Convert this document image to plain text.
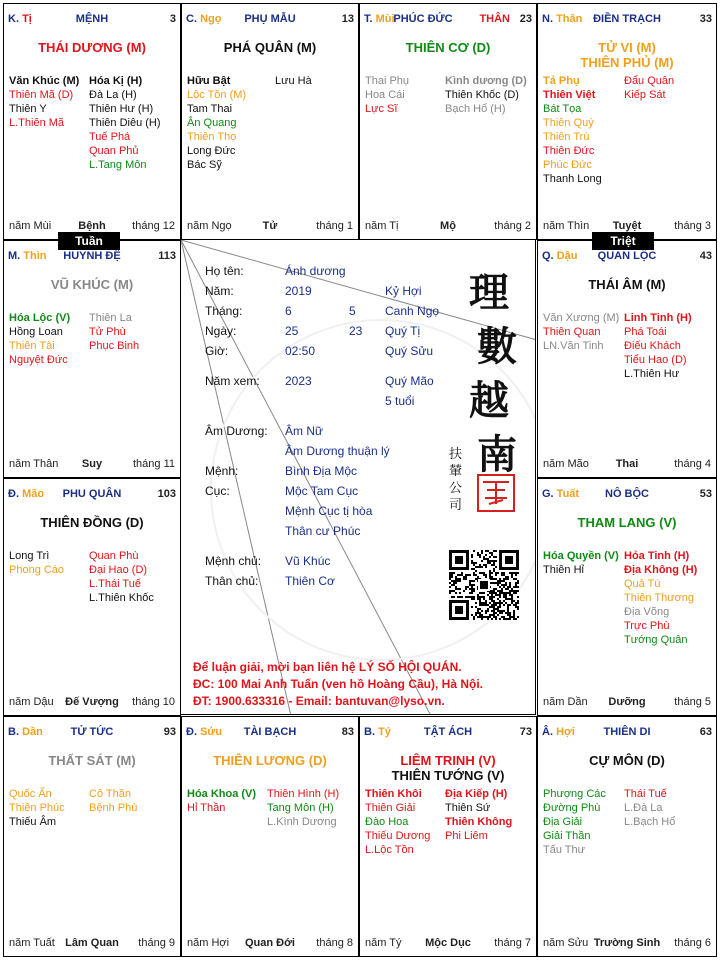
K. Tị	MỆNH	3
THÁI DƯƠNG (M)
Văn Khúc (M)
Thiên Mã (D)
Thiên Y
L.Thiên Mã
Hóa Kị (H)
Đà La (H)
Thiên Hư (H)
Thiên Diêu (H)
Tuế Phá
Quan Phủ
L.Tang Môn
năm Mùi	Bệnh	tháng 12
C. Ngọ	PHỤ MẪU	13
PHÁ QUÂN (M)
Hữu Bật
Lộc Tồn (M)
Tam Thai
Ân Quang
Thiên Thọ
Long Đức
Bác Sỹ
Lưu Hà
năm Ngọ	Tử	tháng 1
T. Mùi
PHÚC ĐỨC	23
THÂN
THIÊN CƠ (D)
Thai Phụ
Hoa Cái
Lực Sĩ
Kình dương (D)
Thiên Khốc (D)
Bạch Hổ (H)
năm Tị	Mộ	tháng 2
N. Thân ĐIỀN TRẠCH	33
TỬ VI (M)
THIÊN PHỦ (M)
Tả Phụ
Thiên Việt
Bát Tọa
Thiên Quý
Thiên Trù
Thiên Đức
Phúc Đức
Thanh Long
Đẩu Quân
Kiếp Sát
năm Thìn	Tuyệt	tháng 3
M. Thìn	HUYNH ĐỆ	113
VŨ KHÚC (M)
Hóa Lộc (V)
Hồng Loan
Thiên Tài
Nguyệt Đức
Thiên La
Tử Phù
Phục Binh
năm Thân	Suy	tháng 11
Q. Dậu	QUAN LỘC	43
THÁI ÂM (M)
Văn Xương (M)
Thiên Quan
LN.Văn Tinh
Linh Tinh (H)
Phá Toái
Điếu Khách
Tiểu Hao (D)
L.Thiên Hư
năm Mão	Thai	tháng 4
Đ. Mão	PHU QUÂN	103
THIÊN ĐỒNG (D)
Long Trì
Phong Cáo
Quan Phù
Đại Hao (D)
L.Thái Tuế
L.Thiên Khốc
năm Dậu	Đế Vượng	tháng 10
G. Tuất	NÔ BỘC	53
THAM LANG (V)
Hóa Quyền (V)
Thiên Hỉ
Hỏa Tinh (H)
Địa Không (H)
Quả Tú
Thiên Thương
Địa Võng
Trực Phù
Tướng Quân
năm Dần	Dưỡng	tháng 5
B. Dần	TỬ TỨC	93
THẤT SÁT (M)
Quốc Ấn
Thiên Phúc
Thiếu Âm
Cô Thần
Bệnh Phù
năm Tuất Lâm Quan	tháng 9
Đ. Sửu	TÀI BẠCH	83
THIÊN LƯƠNG (D)
Hóa Khoa (V)
Hỉ Thần
Thiên Hình (H)
Tang Môn (H)
L.Kình Dương
năm Hợi	Quan Đới	tháng 8
B. Tý	TẬT ÁCH	73
LIÊM TRINH (V)
THIÊN TƯỚNG (V)
Thiên Khôi
Thiên Giải
Đào Hoa
Thiếu Dương
L.Lộc Tồn
Địa Kiếp (H)
Thiên Sứ
Thiên Không
Phi Liêm
năm Tý	Mộc Dục	tháng 7
Â. Hợi	THIÊN DI	63
CỰ MÔN (D)
Phượng Các
Đường Phù
Địa Giải
Giải Thần
Tấu Thư
Thái Tuế
L.Đà La
L.Bạch Hổ
năm Sửu Trường Sinh	tháng 6
Tuần	Triệt
Họ tên:	Ánh dương
Năm:	2019	Kỷ Hợi
Tháng:	6	5 Canh Ngọ
Ngày:	25	23 Quý Tị
Giờ:	02:50	Quý Sửu
Năm xem: 2023	Quý Mão
5 tuổi
Âm Dương: Âm Nữ
Âm Dương thuận lý
Mệnh:	Bình Địa Mộc
Cục:	Mộc Tam Cục
Mệnh Cục tị hòa
Thân cư Phúc
Mệnh chủ: Vũ Khúc
Thân chủ: Thiên Cơ
理
數
越
南
扶
輦
公
司
Để luận giải, mời bạn liên hệ LÝ SỐ HỘI QUÁN.
ĐC: 100 Mai Anh Tuấn (ven hồ Hoàng Cầu), Hà Nội.
ĐT: 1900.633316 - Email: bantuvan@lyso.vn.
